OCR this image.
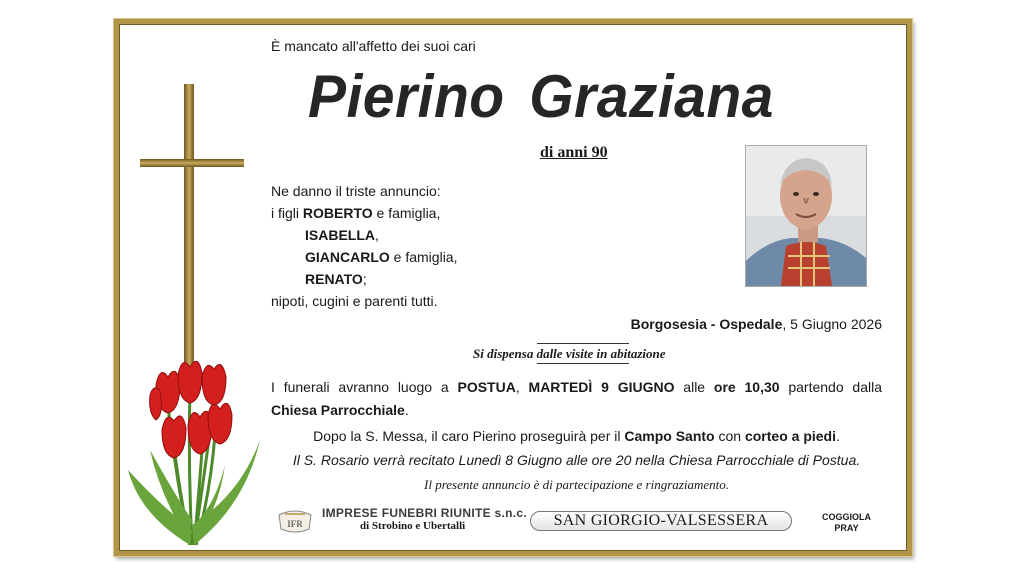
È mancato all'affetto dei suoi cari
Pierino Graziana
di anni 90
Ne danno il triste annuncio:
i figli ROBERTO e famiglia,
ISABELLA,
GIANCARLO e famiglia,
RENATO;
nipoti, cugini e parenti tutti.
Borgosesia - Ospedale, 5 Giugno 2026
Si dispensa dalle visite in abitazione
I funerali avranno luogo a POSTUA, MARTEDÌ 9 GIUGNO alle ore 10,30 partendo dalla
Chiesa Parrocchiale.
Dopo la S. Messa, il caro Pierino proseguirà per il Campo Santo con corteo a piedi.
Il S. Rosario verrà recitato Lunedì 8 Giugno alle ore 20 nella Chiesa Parrocchiale di Postua.
Il presente annuncio è di partecipazione e ringraziamento.
IFR
IMPRESE FUNEBRI RIUNITE s.n.c.
di Strobino e Ubertalli	SAN GIORGIO-VALSESSERA	COGGIOLA
PRAY
